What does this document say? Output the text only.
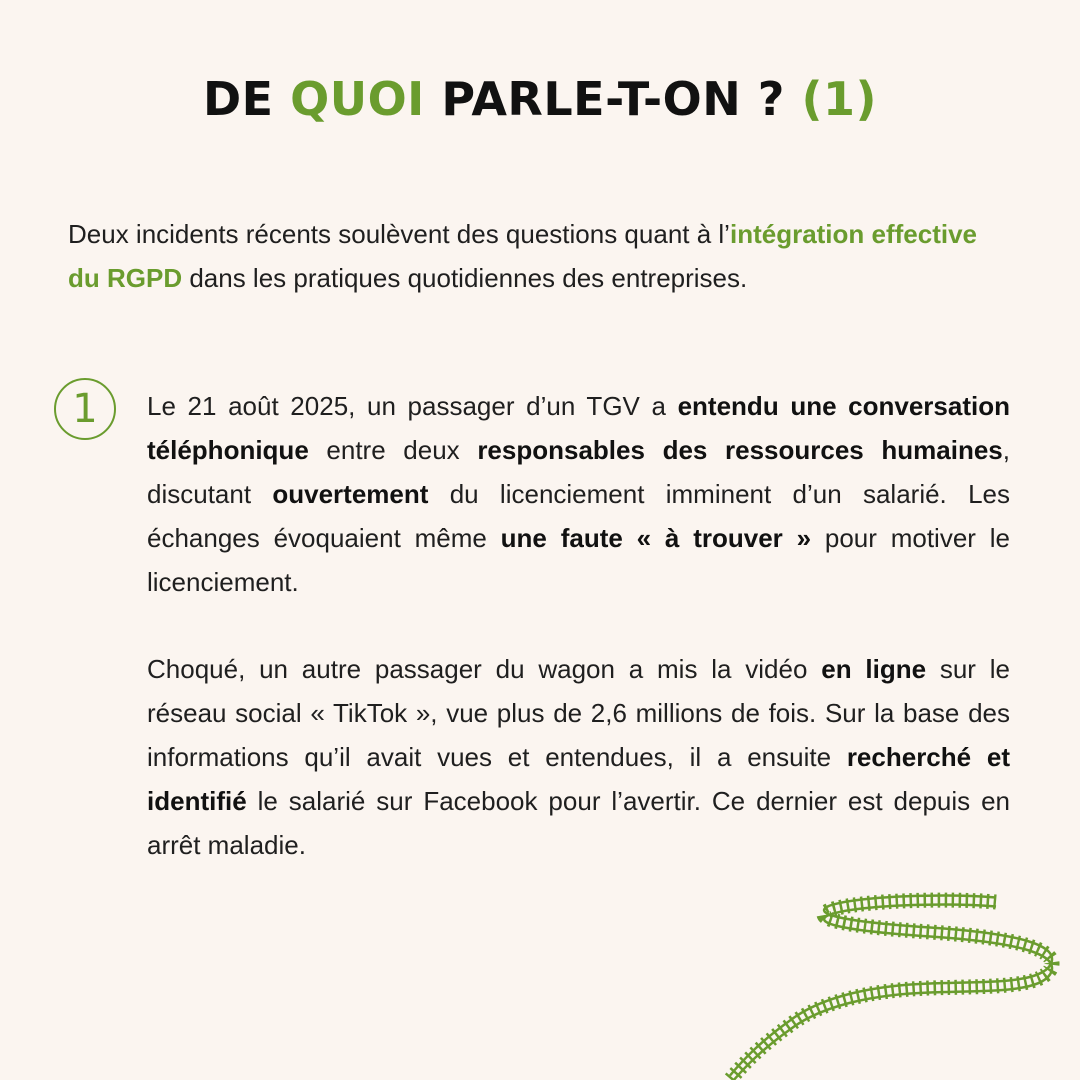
DE QUOI PARLE-T-ON ? (1)

Deux incidents récents soulèvent des questions quant à l’intégration effective du RGPD dans les pratiques quotidiennes des entreprises.

1 Le 21 août 2025, un passager d’un TGV a entendu une conversation téléphonique entre deux responsables des ressources humaines, discutant ouvertement du licenciement imminent d’un salarié. Les échanges évoquaient même une faute « à trouver » pour motiver le licenciement.

Choqué, un autre passager du wagon a mis la vidéo en ligne sur le réseau social « TikTok », vue plus de 2,6 millions de fois. Sur la base des informations qu’il avait vues et entendues, il a ensuite recherché et identifié le salarié sur Facebook pour l’avertir. Ce dernier est depuis en arrêt maladie.
